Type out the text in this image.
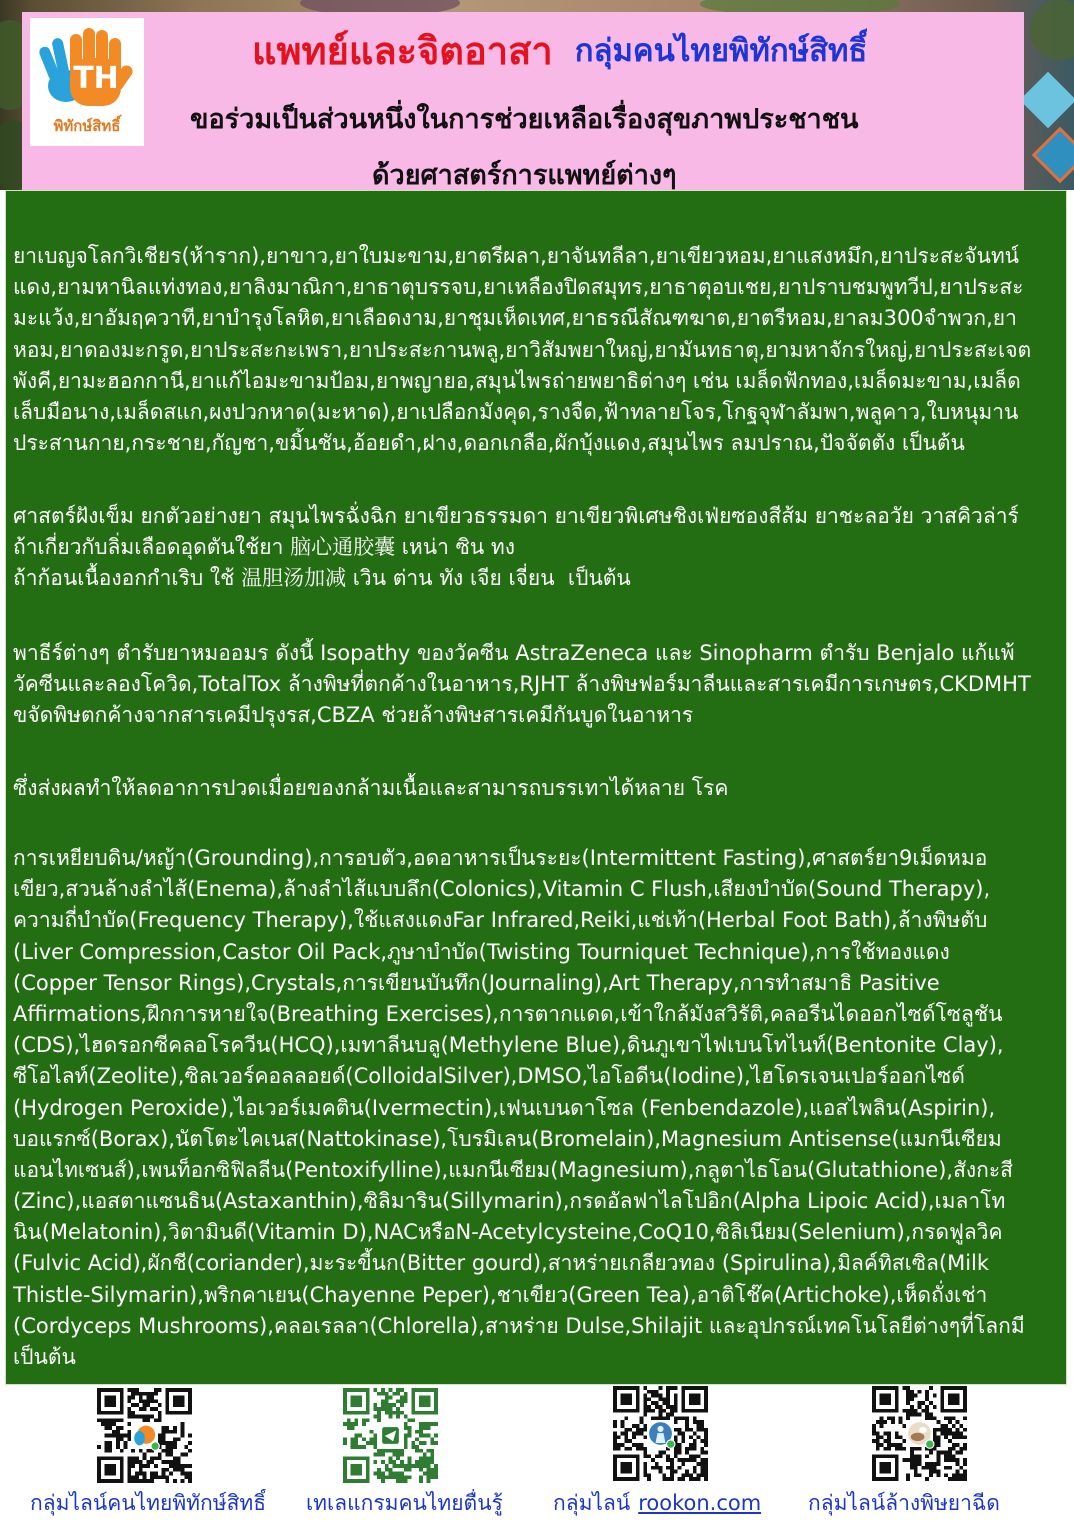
TH
พิทักษ์สิทธิ์
แพทย์และจิตอาสา กลุ่มคนไทยพิทักษ์สิทธิ์
ขอร่วมเป็นส่วนหนึ่งในการช่วยเหลือเรื่องสุขภาพประชาชน
ด้วยศาสตร์การแพทย์ต่างๆ

ยาเบญจโลกวิเชียร(ห้าราก),ยาขาว,ยาใบมะขาม,ยาตรีผลา,ยาจันทลีลา,ยาเขียวหอม,ยาแสงหมึก,ยาประสะจันทน์
แดง,ยามหานิลแท่งทอง,ยาลิงมาณิกา,ยาธาตุบรรจบ,ยาเหลืองปิดสมุทร,ยาธาตุอบเชย,ยาปราบชมพูทวีป,ยาประสะ
มะแว้ง,ยาอัมฤควาที,ยาบำรุงโลหิต,ยาเลือดงาม,ยาชุมเห็ดเทศ,ยาธรณีสัณฑฆาต,ยาตรีหอม,ยาลม300จำพวก,ยา
หอม,ยาดองมะกรูด,ยาประสะกะเพรา,ยาประสะกานพลู,ยาวิสัมพยาใหญ่,ยามันทธาตุ,ยามหาจักรใหญ่,ยาประสะเจต
พังคี,ยามะฮอกกานี,ยาแก้ไอมะขามป้อม,ยาพญายอ,สมุนไพรถ่ายพยาธิต่างๆ เช่น เมล็ดฟักทอง,เมล็ดมะขาม,เมล็ด
เล็บมือนาง,เมล็ดสแก,ผงปวกหาด(มะหาด),ยาเปลือกมังคุด,รางจืด,ฟ้าทลายโจร,โกฐจุฬาลัมพา,พลูคาว,ใบหนุมาน
ประสานกาย,กระชาย,กัญชา,ขมิ้นชัน,อ้อยดำ,ฝาง,ดอกเกลือ,ผักบุ้งแดง,สมุนไพร ลมปราณ,ปัจจัตตัง เป็นต้น

ศาสตร์ฝังเข็ม ยกตัวอย่างยา สมุนไพรฉั่งฉิก ยาเขียวธรรมดา ยาเขียวพิเศษชิงเฟ่ยซองสีส้ม ยาชะลอวัย วาสคิวล่าร์
ถ้าเกี่ยวกับลิ่มเลือดอุดตันใช้ยา 脑心通胶囊 เหน่า ซิน ทง
ถ้าก้อนเนื้องอกกำเริบ ใช้ 温胆汤加减 เวิน ต่าน ทัง เจีย เจี่ยน  เป็นต้น

พาธีร์ต่างๆ ตำรับยาหมออมร ดังนี้ Isopathy ของวัคซีน AstraZeneca และ Sinopharm ตำรับ Benjalo แก้แพ้
วัคซีนและลองโควิด,TotalTox ล้างพิษที่ตกค้างในอาหาร,RJHT ล้างพิษฟอร์มาลีนและสารเคมีการเกษตร,CKDMHT
ขจัดพิษตกค้างจากสารเคมีปรุงรส,CBZA ช่วยล้างพิษสารเคมีกันบูดในอาหาร

ซึ่งส่งผลทำให้ลดอาการปวดเมื่อยของกล้ามเนื้อและสามารถบรรเทาได้หลาย โรค

การเหยียบดิน/หญ้า(Grounding),การอบตัว,อดอาหารเป็นระยะ(Intermittent Fasting),ศาสตร์ยา9เม็ดหมอ
เขียว,สวนล้างลำไส้(Enema),ล้างลำไส้แบบลึก(Colonics),Vitamin C Flush,เสียงบำบัด(Sound Therapy),
ความถี่บำบัด(Frequency Therapy),ใช้แสงแดงFar Infrared,Reiki,แช่เท้า(Herbal Foot Bath),ล้างพิษตับ
(Liver Compression,Castor Oil Pack,ภูษาบำบัด(Twisting Tourniquet Technique),การใช้ทองแดง
(Copper Tensor Rings),Crystals,การเขียนบันทึก(Journaling),Art Therapy,การทำสมาธิ Pasitive
Affirmations,ฝึกการหายใจ(Breathing Exercises),การตากแดด,เข้าใกล้มังสวิรัติ,คลอรีนไดออกไซด์โซลูชัน
(CDS),ไฮดรอกซีคลอโรควีน(HCQ),เมทาลีนบลู(Methylene Blue),ดินภูเขาไฟเบนโทไนท์(Bentonite Clay),
ซีโอไลท์(Zeolite),ซิลเวอร์คอลลอยด์(ColloidalSilver),DMSO,ไอโอดีน(Iodine),ไฮโดรเจนเปอร์ออกไซด์
(Hydrogen Peroxide),ไอเวอร์เมคติน(Ivermectin),เฟนเบนดาโซล (Fenbendazole),แอสไพลิน(Aspirin),
บอแรกซ์(Borax),นัตโตะไคเนส(Nattokinase),โบรมิเลน(Bromelain),Magnesium Antisense(แมกนีเซียม
แอนไทเซนส์),เพนท็อกซิฟิลลีน(Pentoxifylline),แมกนีเซียม(Magnesium),กลูตาไธโอน(Glutathione),สังกะสี
(Zinc),แอสตาแซนธิน(Astaxanthin),ซิลิมาริน(Sillymarin),กรดอัลฟาไลโปอิก(Alpha Lipoic Acid),เมลาโท
นิน(Melatonin),วิตามินดี(Vitamin D),NACหรือN-Acetylcysteine,CoQ10,ซิลิเนียม(Selenium),กรดฟูลวิค
(Fulvic Acid),ผักชี(coriander),มะระขี้นก(Bitter gourd),สาหร่ายเกลียวทอง (Spirulina),มิลค์ทิสเซิล(Milk
Thistle-Silymarin),พริกคาเยน(Chayenne Peper),ชาเขียว(Green Tea),อาติโช๊ค(Artichoke),เห็ดถั่งเช่า
(Cordyceps Mushrooms),คลอเรลลา(Chlorella),สาหร่าย Dulse,Shilajit และอุปกรณ์เทคโนโลยีต่างๆที่โลกมี
เป็นต้น
กลุ่มไลน์คนไทยพิทักษ์สิทธิ์ เทเลแกรมคนไทยตื่นรู้ กลุ่มไลน์ rookon.com กลุ่มไลน์ล้างพิษยาฉีด
